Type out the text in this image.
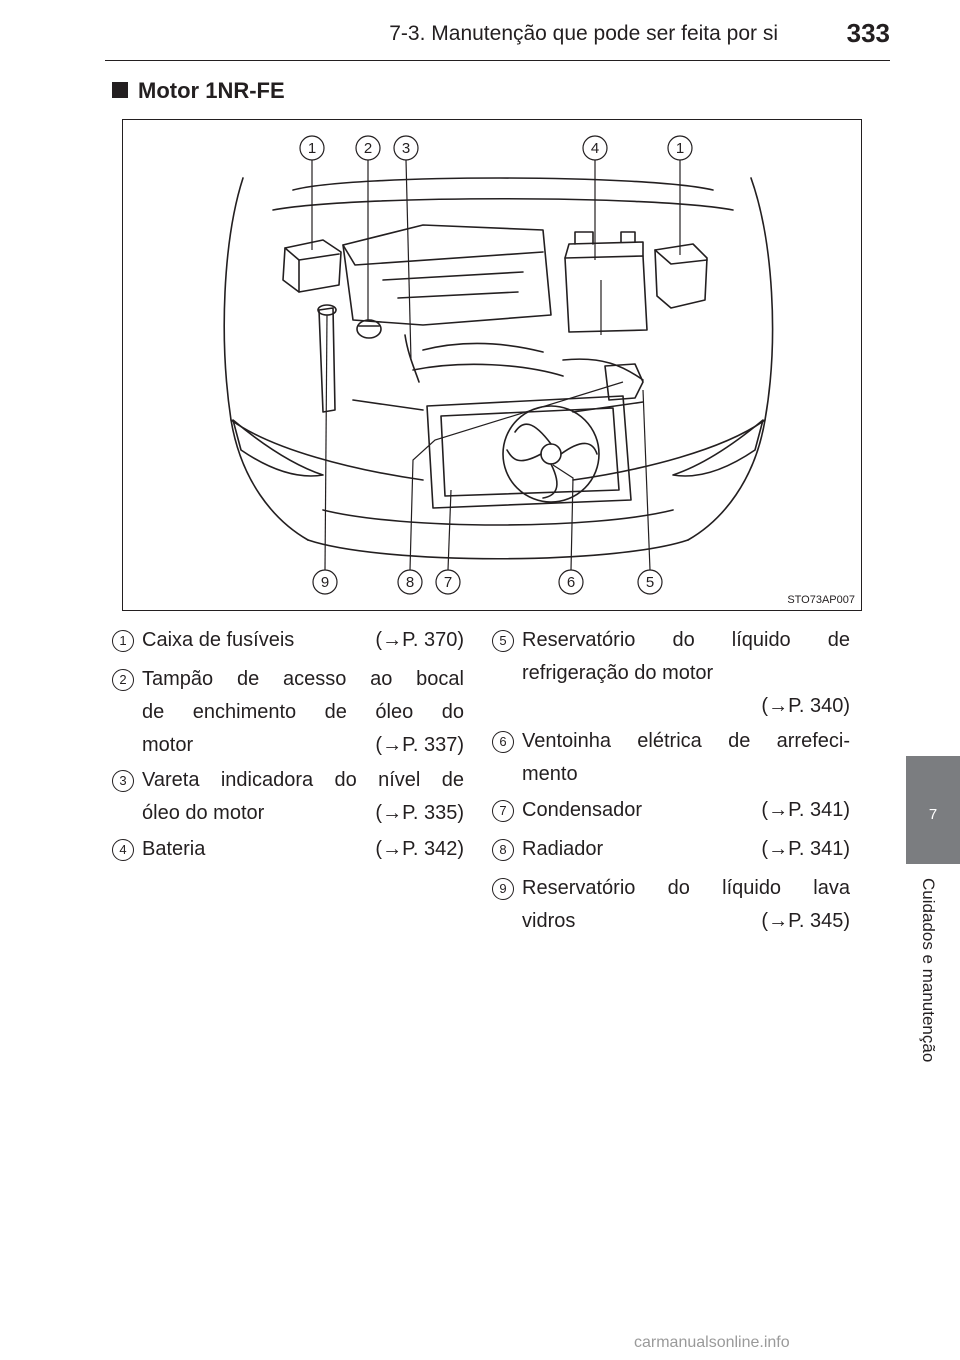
7-3. Manutenção que pode ser feita por si	333
Motor 1NR-FE
7
Cuidados e manutenção
1	2 3	4	1
9	8 7	6	5
STO73AP007
1 Caixa de fusíveis	(→P. 370)
2 Tampão de acesso ao bocal
de enchimento de óleo do
motor	(→P. 337)
3 Vareta indicadora do nível de
óleo do motor	(→P. 335)
4 Bateria	(→P. 342)
5 Reservatório do líquido de
refrigeração do motor
(→P. 340)
6 Ventoinha elétrica de arrefeci-
mento
7 Condensador	(→P. 341)
8 Radiador	(→P. 341)
9 Reservatório do líquido lava
vidros	(→P. 345)
carmanualsonline.info
